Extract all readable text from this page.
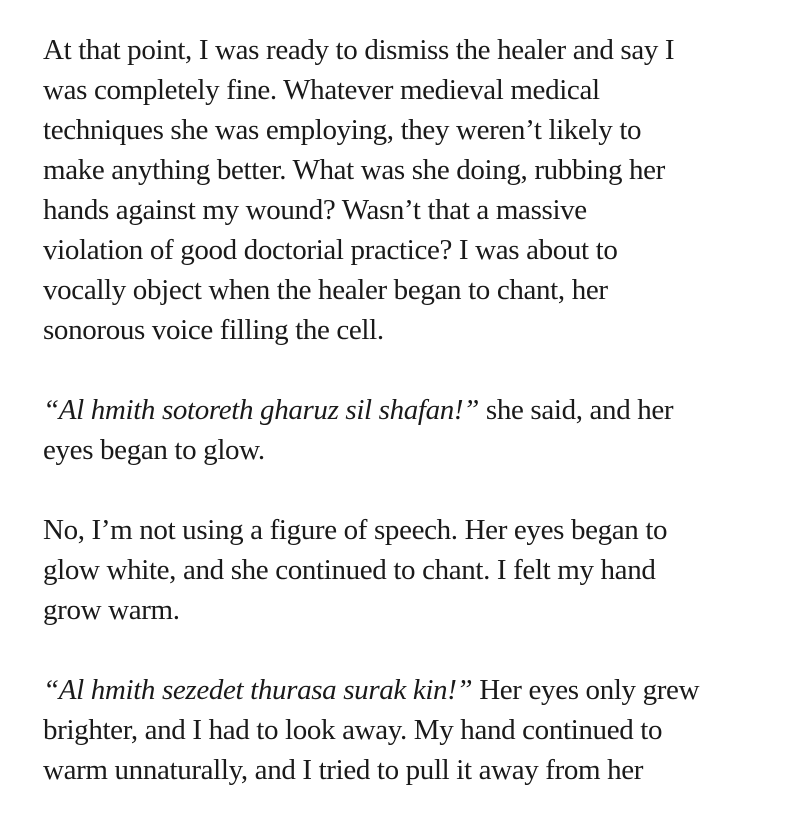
At that point, I was ready to dismiss the healer and say I
was completely fine. Whatever medieval medical
techniques she was employing, they weren’t likely to
make anything better. What was she doing, rubbing her
hands against my wound? Wasn’t that a massive
violation of good doctorial practice? I was about to
vocally object when the healer began to chant, her
sonorous voice filling the cell.

“Al hmith sotoreth gharuz sil shafan!” she said, and her
eyes began to glow.

No, I’m not using a figure of speech. Her eyes began to
glow white, and she continued to chant. I felt my hand
grow warm.

“Al hmith sezedet thurasa surak kin!” Her eyes only grew
brighter, and I had to look away. My hand continued to
warm unnaturally, and I tried to pull it away from her
